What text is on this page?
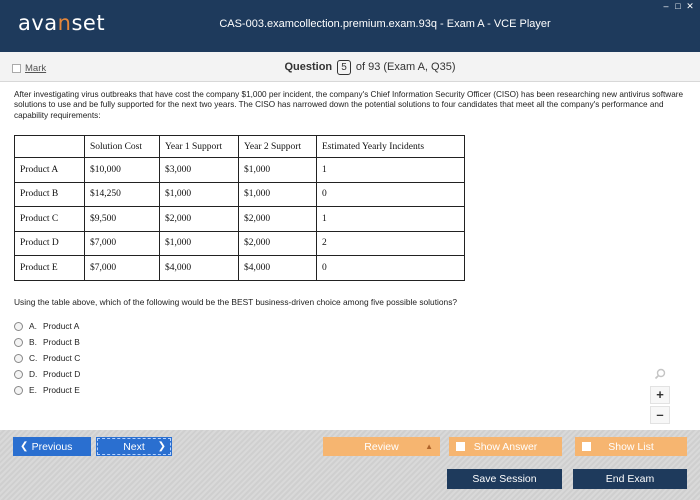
avanset	CAS-003.examcollection.premium.exam.93q - Exam A - VCE Player
– □ ✕
Mark	Question 5 of 93 (Exam A, Q35)

After investigating virus outbreaks that have cost the company $1,000 per incident, the company's Chief Information Security Officer (CISO) has been researching new antivirus software solutions to use and be fully supported for the next two years. The CISO has narrowed down the potential solutions to four candidates that meet all the company's performance and capability requirements:

	Solution Cost	Year 1 Support	Year 2 Support	Estimated Yearly Incidents
Product A	$10,000	$3,000	$1,000	1
Product B	$14,250	$1,000	$1,000	0
Product C	$9,500	$2,000	$2,000	1
Product D	$7,000	$1,000	$2,000	2
Product E	$7,000	$4,000	$4,000	0

Using the table above, which of the following would be the BEST business-driven choice among five possible solutions?

A. Product A
B. Product B
C. Product C
D. Product D
E. Product E	+
–
❮ Previous	Next ❯	Review	▲	Show Answer	Show List
Save Session	End Exam
